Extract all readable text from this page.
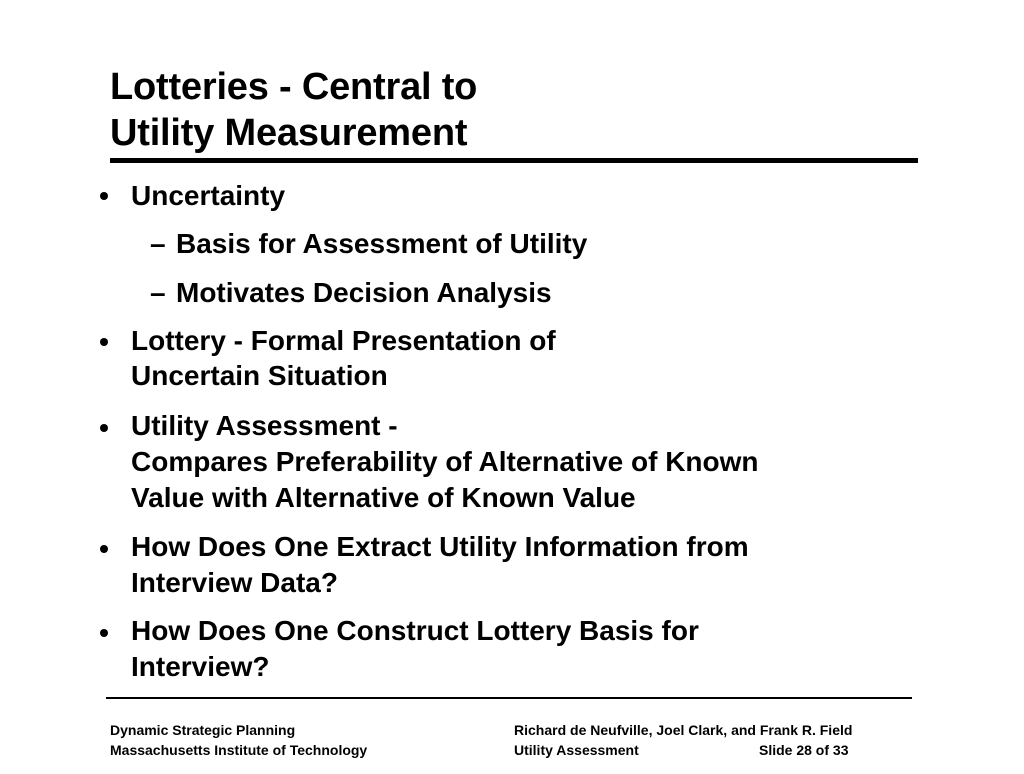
Lotteries - Central to
Utility Measurement
Uncertainty
– Basis for Assessment of Utility
– Motivates Decision Analysis
Lottery - Formal Presentation of
Uncertain Situation
Utility Assessment -
Compares Preferability of Alternative of Known
Value with Alternative of Known Value
How Does One Extract Utility Information from
Interview Data?
How Does One Construct Lottery Basis for
Interview?
Dynamic Strategic Planning
Massachusetts Institute of Technology
Richard de Neufville, Joel Clark, and Frank R. Field
Utility Assessment	Slide 28 of 33
